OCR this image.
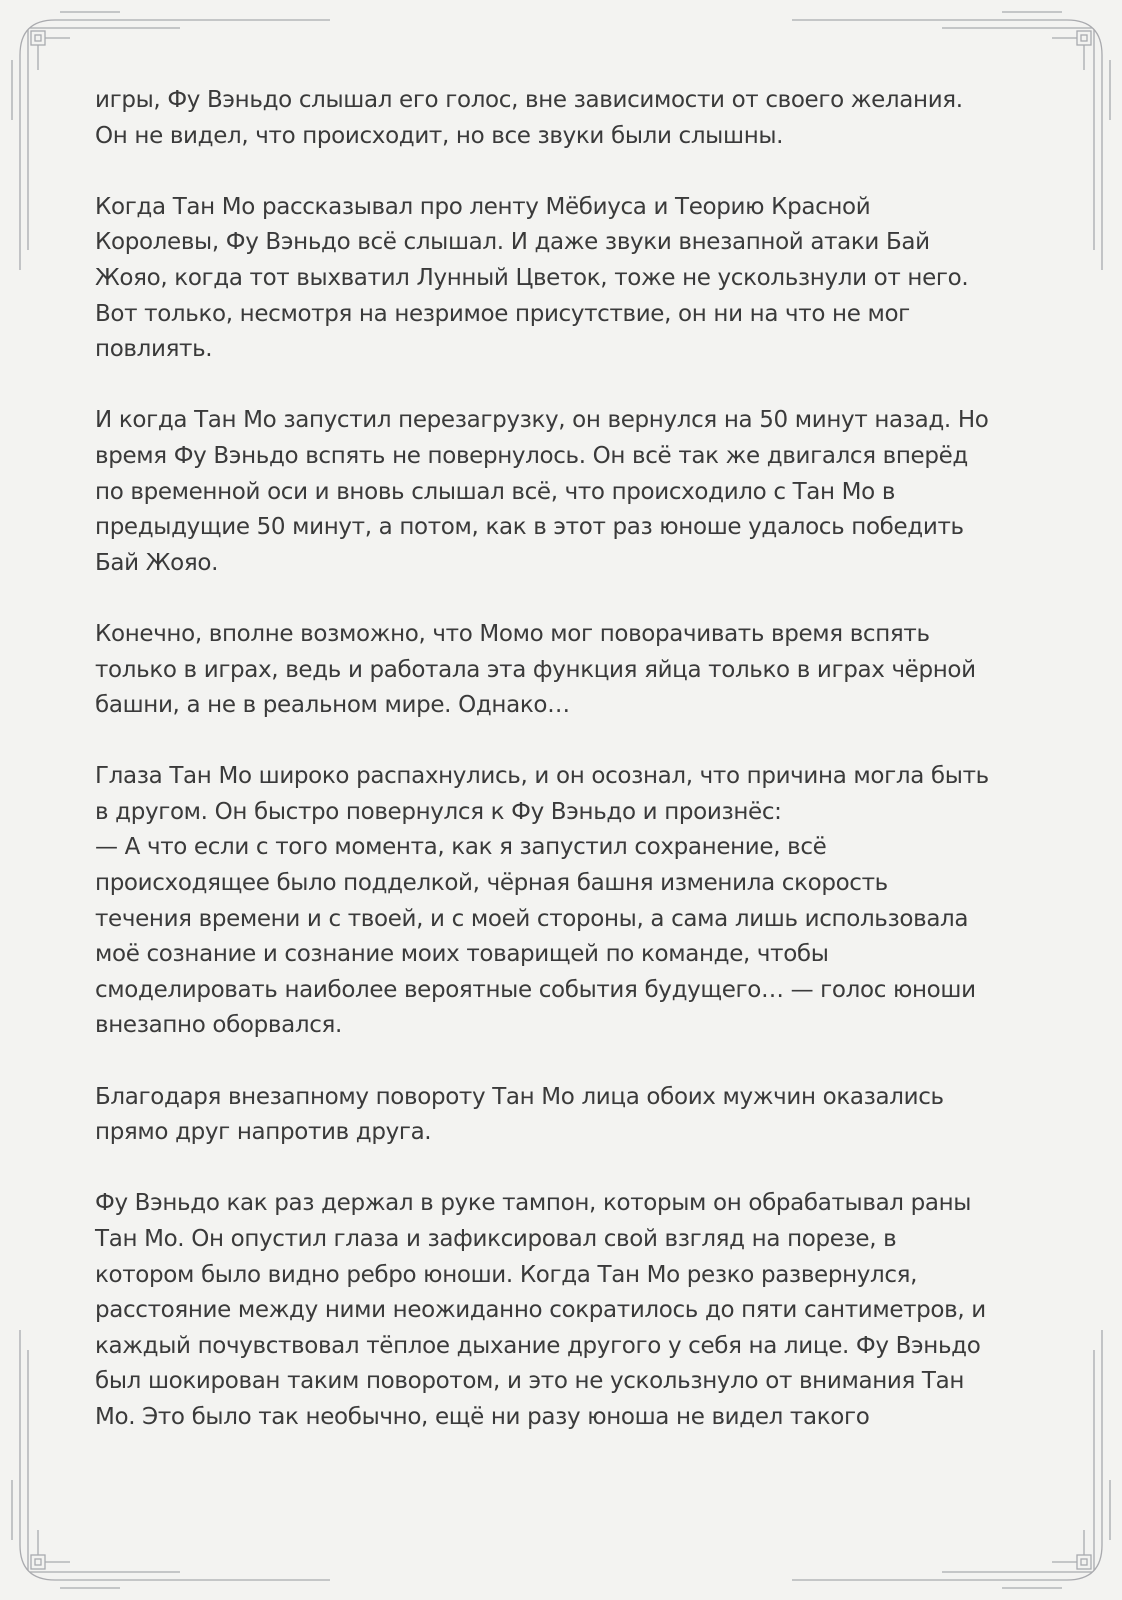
игры, Фу Вэньдо слышал его голос, вне зависимости от своего желания.
Он не видел, что происходит, но все звуки были слышны.

Когда Тан Мо рассказывал про ленту Мёбиуса и Теорию Красной
Королевы, Фу Вэньдо всё слышал. И даже звуки внезапной атаки Бай
Жояо, когда тот выхватил Лунный Цветок, тоже не ускользнули от него.
Вот только, несмотря на незримое присутствие, он ни на что не мог
повлиять.

И когда Тан Мо запустил перезагрузку, он вернулся на 50 минут назад. Но
время Фу Вэньдо вспять не повернулось. Он всё так же двигался вперёд
по временной оси и вновь слышал всё, что происходило с Тан Мо в
предыдущие 50 минут, а потом, как в этот раз юноше удалось победить
Бай Жояо.

Конечно, вполне возможно, что Момо мог поворачивать время вспять
только в играх, ведь и работала эта функция яйца только в играх чёрной
башни, а не в реальном мире. Однако…

Глаза Тан Мо широко распахнулись, и он осознал, что причина могла быть
в другом. Он быстро повернулся к Фу Вэньдо и произнёс:
— А что если с того момента, как я запустил сохранение, всё
происходящее было подделкой, чёрная башня изменила скорость
течения времени и с твоей, и с моей стороны, а сама лишь использовала
моё сознание и сознание моих товарищей по команде, чтобы
смоделировать наиболее вероятные события будущего… — голос юноши
внезапно оборвался.

Благодаря внезапному повороту Тан Мо лица обоих мужчин оказались
прямо друг напротив друга.

Фу Вэньдо как раз держал в руке тампон, которым он обрабатывал раны
Тан Мо. Он опустил глаза и зафиксировал свой взгляд на порезе, в
котором было видно ребро юноши. Когда Тан Мо резко развернулся,
расстояние между ними неожиданно сократилось до пяти сантиметров, и
каждый почувствовал тёплое дыхание другого у себя на лице. Фу Вэньдо
был шокирован таким поворотом, и это не ускользнуло от внимания Тан
Мо. Это было так необычно, ещё ни разу юноша не видел такого
